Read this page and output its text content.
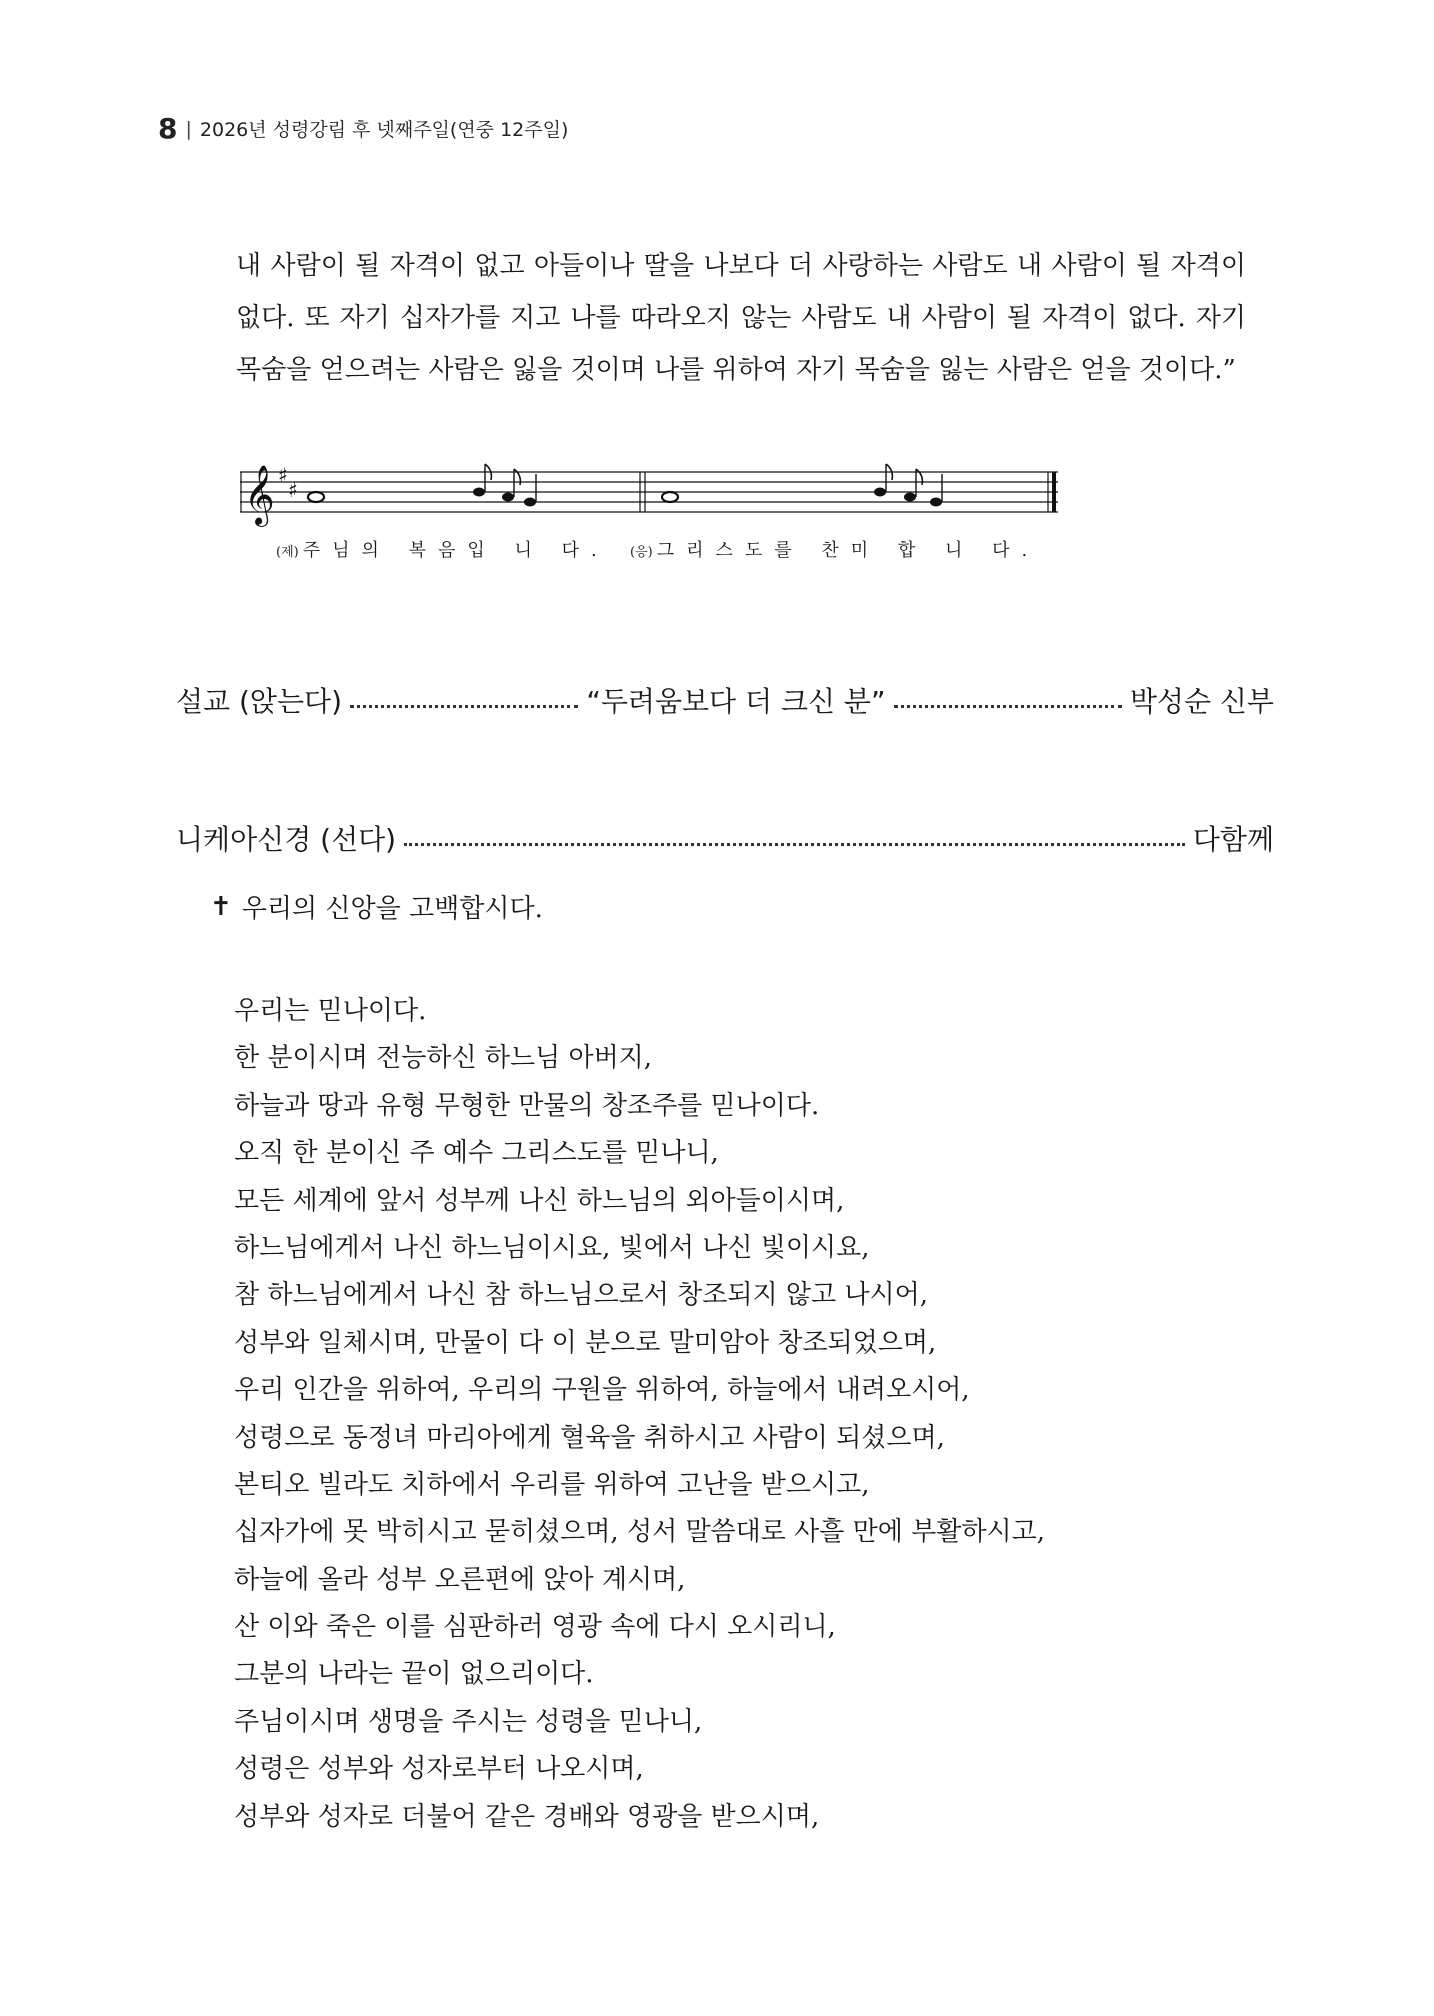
8 | 2026년 성령강림 후 넷째주일(연중 12주일)
내 사람이 될 자격이 없고 아들이나 딸을 나보다 더 사랑하는 사람도 내 사람이 될 자격이 없다. 또 자기 십자가를 지고 나를 따라오지 않는 사람도 내 사람이 될 자격이 없다. 자기 목숨을 얻으려는 사람은 잃을 것이며 나를 위하여 자기 목숨을 잃는 사람은 얻을 것이다.”
𝄞 ♯
♯
(제) 주님의 복음입 니 다. (응) 그리스도를 찬미 합 니 다.
설교 (앉는다)	“두려움보다 더 크신 분”	박성순 신부
니케아신경 (선다)	다함께
✝ 우리의 신앙을 고백합시다.
우리는 믿나이다.
한 분이시며 전능하신 하느님 아버지,
하늘과 땅과 유형 무형한 만물의 창조주를 믿나이다.
오직 한 분이신 주 예수 그리스도를 믿나니,
모든 세계에 앞서 성부께 나신 하느님의 외아들이시며,
하느님에게서 나신 하느님이시요, 빛에서 나신 빛이시요,
참 하느님에게서 나신 참 하느님으로서 창조되지 않고 나시어,
성부와 일체시며, 만물이 다 이 분으로 말미암아 창조되었으며,
우리 인간을 위하여, 우리의 구원을 위하여, 하늘에서 내려오시어,
성령으로 동정녀 마리아에게 혈육을 취하시고 사람이 되셨으며,
본티오 빌라도 치하에서 우리를 위하여 고난을 받으시고,
십자가에 못 박히시고 묻히셨으며, 성서 말씀대로 사흘 만에 부활하시고,
하늘에 올라 성부 오른편에 앉아 계시며,
산 이와 죽은 이를 심판하러 영광 속에 다시 오시리니,
그분의 나라는 끝이 없으리이다.
주님이시며 생명을 주시는 성령을 믿나니,
성령은 성부와 성자로부터 나오시며,
성부와 성자로 더불어 같은 경배와 영광을 받으시며,
